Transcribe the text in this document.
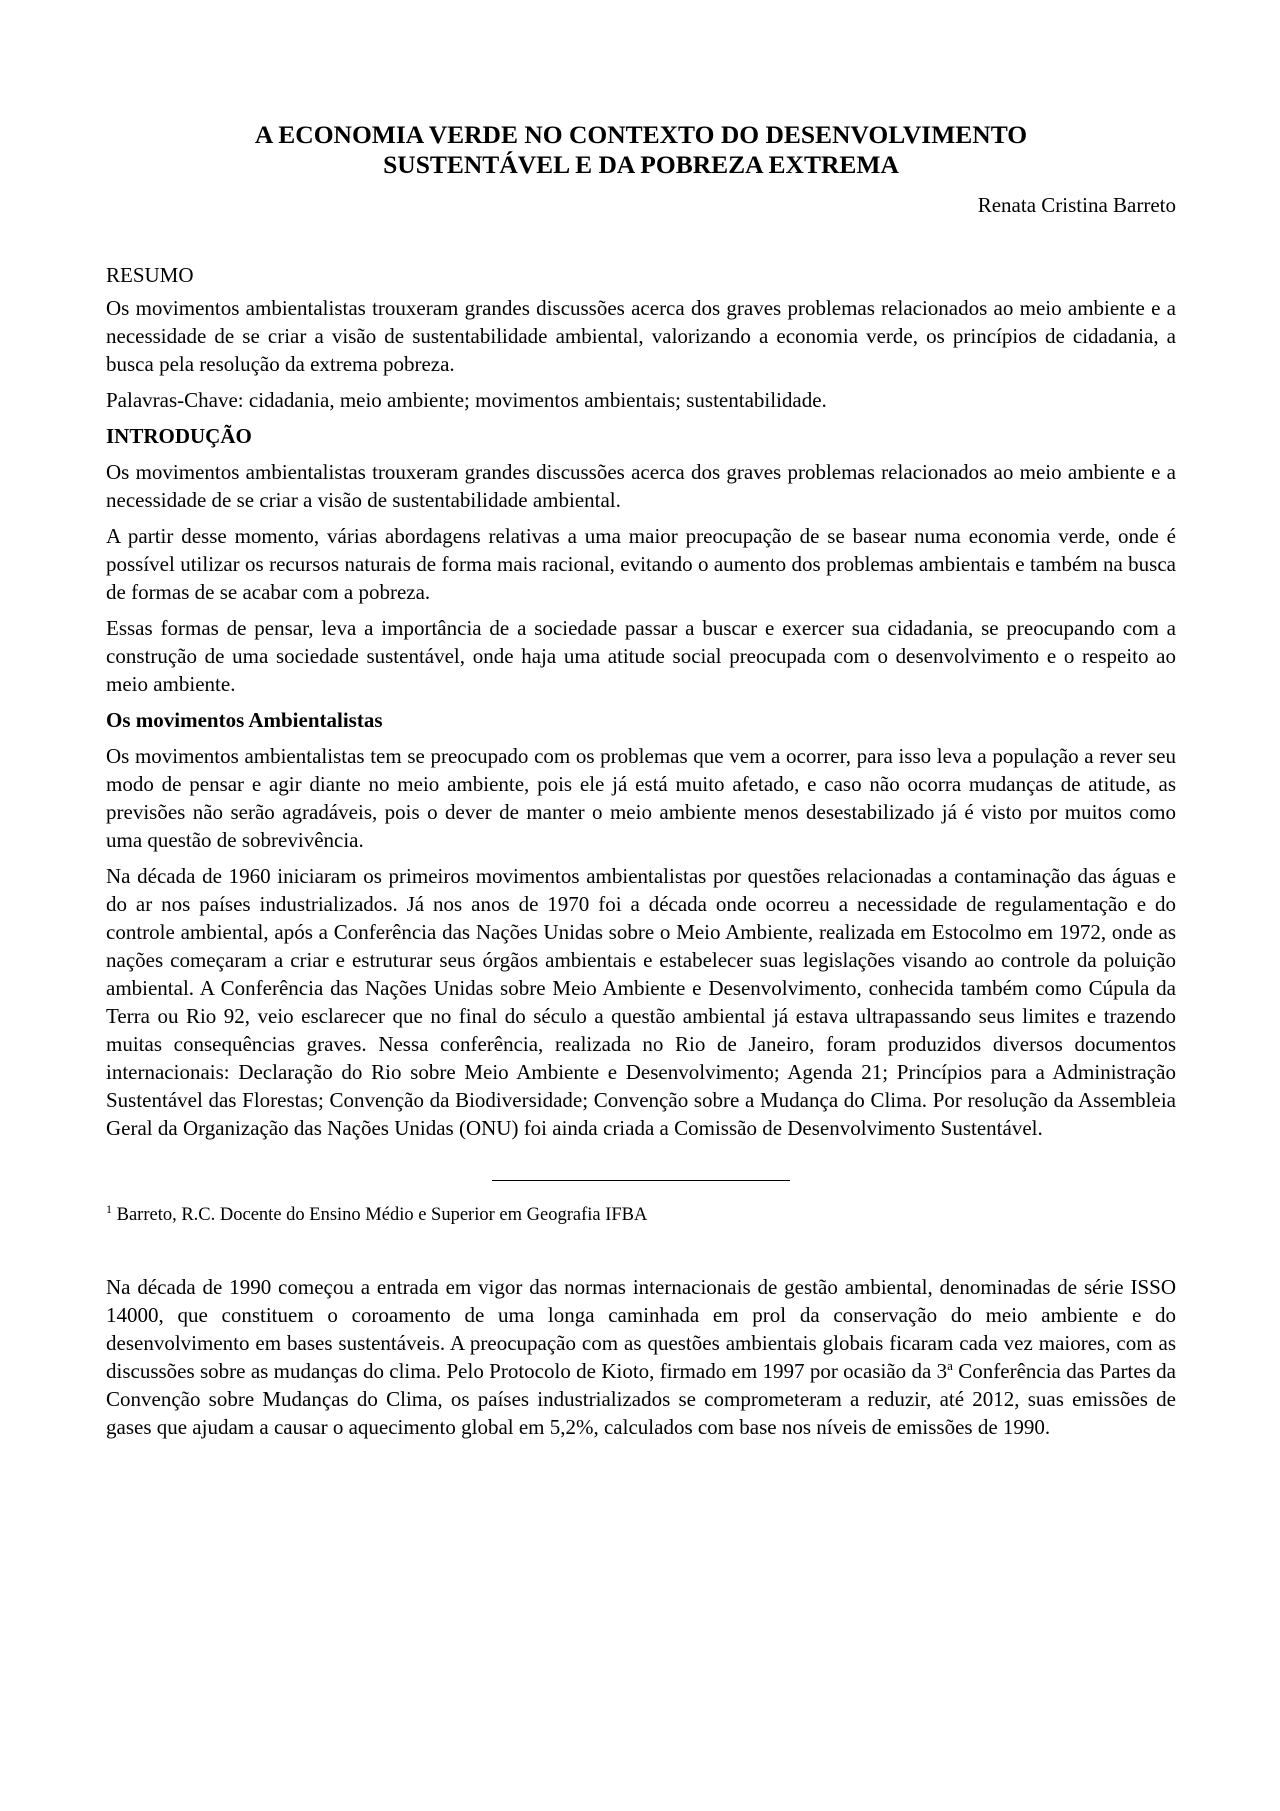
A ECONOMIA VERDE NO CONTEXTO DO DESENVOLVIMENTO
SUSTENTÁVEL E DA POBREZA EXTREMA
Renata Cristina Barreto
RESUMO

Os movimentos ambientalistas trouxeram grandes discussões acerca dos graves problemas relacionados ao meio ambiente e a necessidade de se criar a visão de sustentabilidade ambiental, valorizando a economia verde, os princípios de cidadania, a busca pela resolução da extrema pobreza.

Palavras-Chave: cidadania, meio ambiente; movimentos ambientais; sustentabilidade.

INTRODUÇÃO

Os movimentos ambientalistas trouxeram grandes discussões acerca dos graves problemas relacionados ao meio ambiente e a necessidade de se criar a visão de sustentabilidade ambiental.

A partir desse momento, várias abordagens relativas a uma maior preocupação de se basear numa economia verde, onde é possível utilizar os recursos naturais de forma mais racional, evitando o aumento dos problemas ambientais e também na busca de formas de se acabar com a pobreza.

Essas formas de pensar, leva a importância de a sociedade passar a buscar e exercer sua cidadania, se preocupando com a construção de uma sociedade sustentável, onde haja uma atitude social preocupada com o desenvolvimento e o respeito ao meio ambiente.

Os movimentos Ambientalistas

Os movimentos ambientalistas tem se preocupado com os problemas que vem a ocorrer, para isso leva a população a rever seu modo de pensar e agir diante no meio ambiente, pois ele já está muito afetado, e caso não ocorra mudanças de atitude, as previsões não serão agradáveis, pois o dever de manter o meio ambiente menos desestabilizado já é visto por muitos como uma questão de sobrevivência.

Na década de 1960 iniciaram os primeiros movimentos ambientalistas por questões relacionadas a contaminação das águas e do ar nos países industrializados. Já nos anos de 1970 foi a década onde ocorreu a necessidade de regulamentação e do controle ambiental, após a Conferência das Nações Unidas sobre o Meio Ambiente, realizada em Estocolmo em 1972, onde as nações começaram a criar e estruturar seus órgãos ambientais e estabelecer suas legislações visando ao controle da poluição ambiental. A Conferência das Nações Unidas sobre Meio Ambiente e Desenvolvimento, conhecida também como Cúpula da Terra ou Rio 92, veio esclarecer que no final do século a questão ambiental já estava ultrapassando seus limites e trazendo muitas consequências graves. Nessa conferência, realizada no Rio de Janeiro, foram produzidos diversos documentos internacionais: Declaração do Rio sobre Meio Ambiente e Desenvolvimento; Agenda 21; Princípios para a Administração Sustentável das Florestas; Convenção da Biodiversidade; Convenção sobre a Mudança do Clima. Por resolução da Assembleia Geral da Organização das Nações Unidas (ONU) foi ainda criada a Comissão de Desenvolvimento Sustentável.

$^1$ Barreto, R.C. Docente do Ensino Médio e Superior em Geografia IFBA

Na década de 1990 começou a entrada em vigor das normas internacionais de gestão ambiental, denominadas de série ISSO 14000, que constituem o coroamento de uma longa caminhada em prol da conservação do meio ambiente e do desenvolvimento em bases sustentáveis. A preocupação com as questões ambientais globais ficaram cada vez maiores, com as discussões sobre as mudanças do clima. Pelo Protocolo de Kioto, firmado em 1997 por ocasião da 3$^a$ Conferência das Partes da Convenção sobre Mudanças do Clima, os países industrializados se comprometeram a reduzir, até 2012, suas emissões de gases que ajudam a causar o aquecimento global em 5,2%, calculados com base nos níveis de emissões de 1990.
